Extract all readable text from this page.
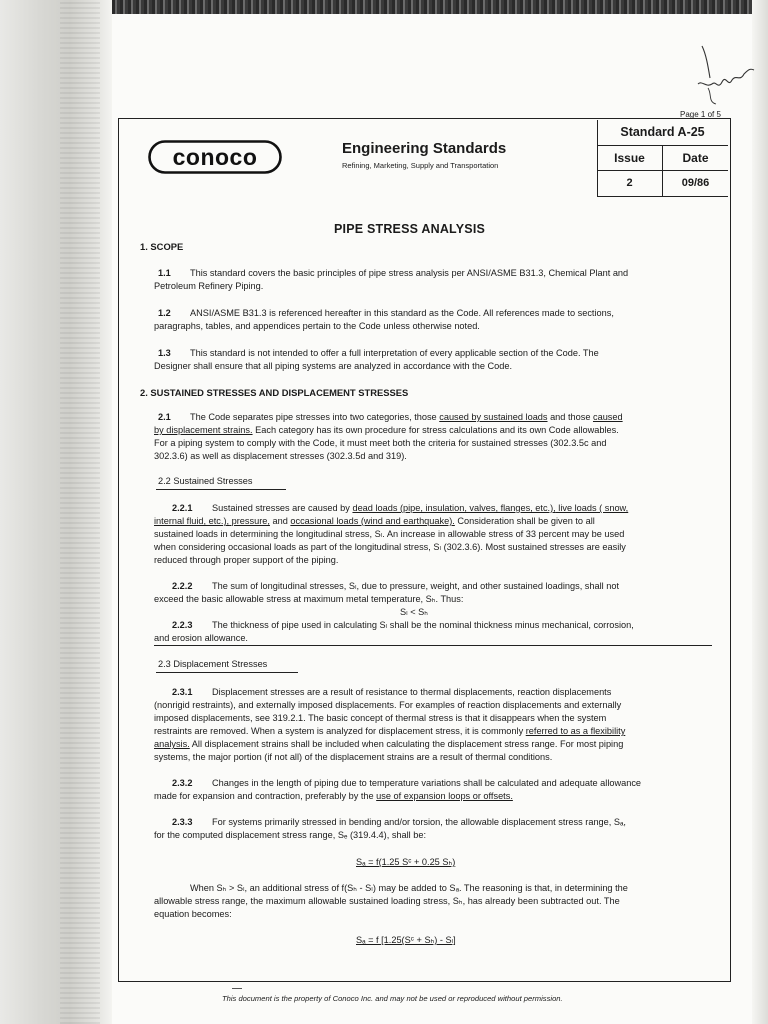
Page 1 of 5
conoco	Engineering Standards
Refining, Marketing, Supply and Transportation
Standard A-25
Issue	Date
2	09/86
PIPE STRESS ANALYSIS
1. SCOPE
1.1 This standard covers the basic principles of pipe stress analysis per ANSI/ASME B31.3, Chemical Plant and
Petroleum Refinery Piping.
1.2 ANSI/ASME B31.3 is referenced hereafter in this standard as the Code. All references made to sections,
paragraphs, tables, and appendices pertain to the Code unless otherwise noted.
1.3 This standard is not intended to offer a full interpretation of every applicable section of the Code. The
Designer shall ensure that all piping systems are analyzed in accordance with the Code.
2. SUSTAINED STRESSES AND DISPLACEMENT STRESSES
2.1 The Code separates pipe stresses into two categories, those caused by sustained loads and those caused
by displacement strains. Each category has its own procedure for stress calculations and its own Code allowables.
For a piping system to comply with the Code, it must meet both the criteria for sustained stresses (302.3.5c and
302.3.6) as well as displacement stresses (302.3.5d and 319).
2.2 Sustained Stresses
2.2.1 Sustained stresses are caused by dead loads (pipe, insulation, valves, flanges, etc.), live loads ( snow,
internal fluid, etc.), pressure, and occasional loads (wind and earthquake). Consideration shall be given to all
sustained loads in determining the longitudinal stress, Sₗ. An increase in allowable stress of 33 percent may be used
when considering occasional loads as part of the longitudinal stress, Sₗ (302.3.6). Most sustained stresses are easily
reduced through proper support of the piping.
2.2.2 The sum of longitudinal stresses, Sₗ, due to pressure, weight, and other sustained loadings, shall not
exceed the basic allowable stress at maximum metal temperature, Sₕ. Thus:
Sₗ < Sₕ
2.2.3 The thickness of pipe used in calculating Sₗ shall be the nominal thickness minus mechanical, corrosion,
and erosion allowance.
2.3 Displacement Stresses
2.3.1 Displacement stresses are a result of resistance to thermal displacements, reaction displacements
(nonrigid restraints), and externally imposed displacements. For examples of reaction displacements and externally
imposed displacements, see 319.2.1. The basic concept of thermal stress is that it disappears when the system
restraints are removed. When a system is analyzed for displacement stress, it is commonly referred to as a flexibility
analysis. All displacement strains shall be included when calculating the displacement stress range. For most piping
systems, the major portion (if not all) of the displacement strains are a result of thermal conditions.
2.3.2 Changes in the length of piping due to temperature variations shall be calculated and adequate allowance
made for expansion and contraction, preferably by the use of expansion loops or offsets.
2.3.3 For systems primarily stressed in bending and/or torsion, the allowable displacement stress range, Sₐ,
for the computed displacement stress range, Sₑ (319.4.4), shall be:
Sₐ = f(1.25 Sᶜ + 0.25 Sₕ)
When Sₕ > Sₗ, an additional stress of f(Sₕ - Sₗ) may be added to Sₐ. The reasoning is that, in determining the
allowable stress range, the maximum allowable sustained loading stress, Sₕ, has already been subtracted out. The
equation becomes:
Sₐ = f [1.25(Sᶜ + Sₕ) - Sₗ]
This document is the property of Conoco Inc. and may not be used or reproduced without permission.
